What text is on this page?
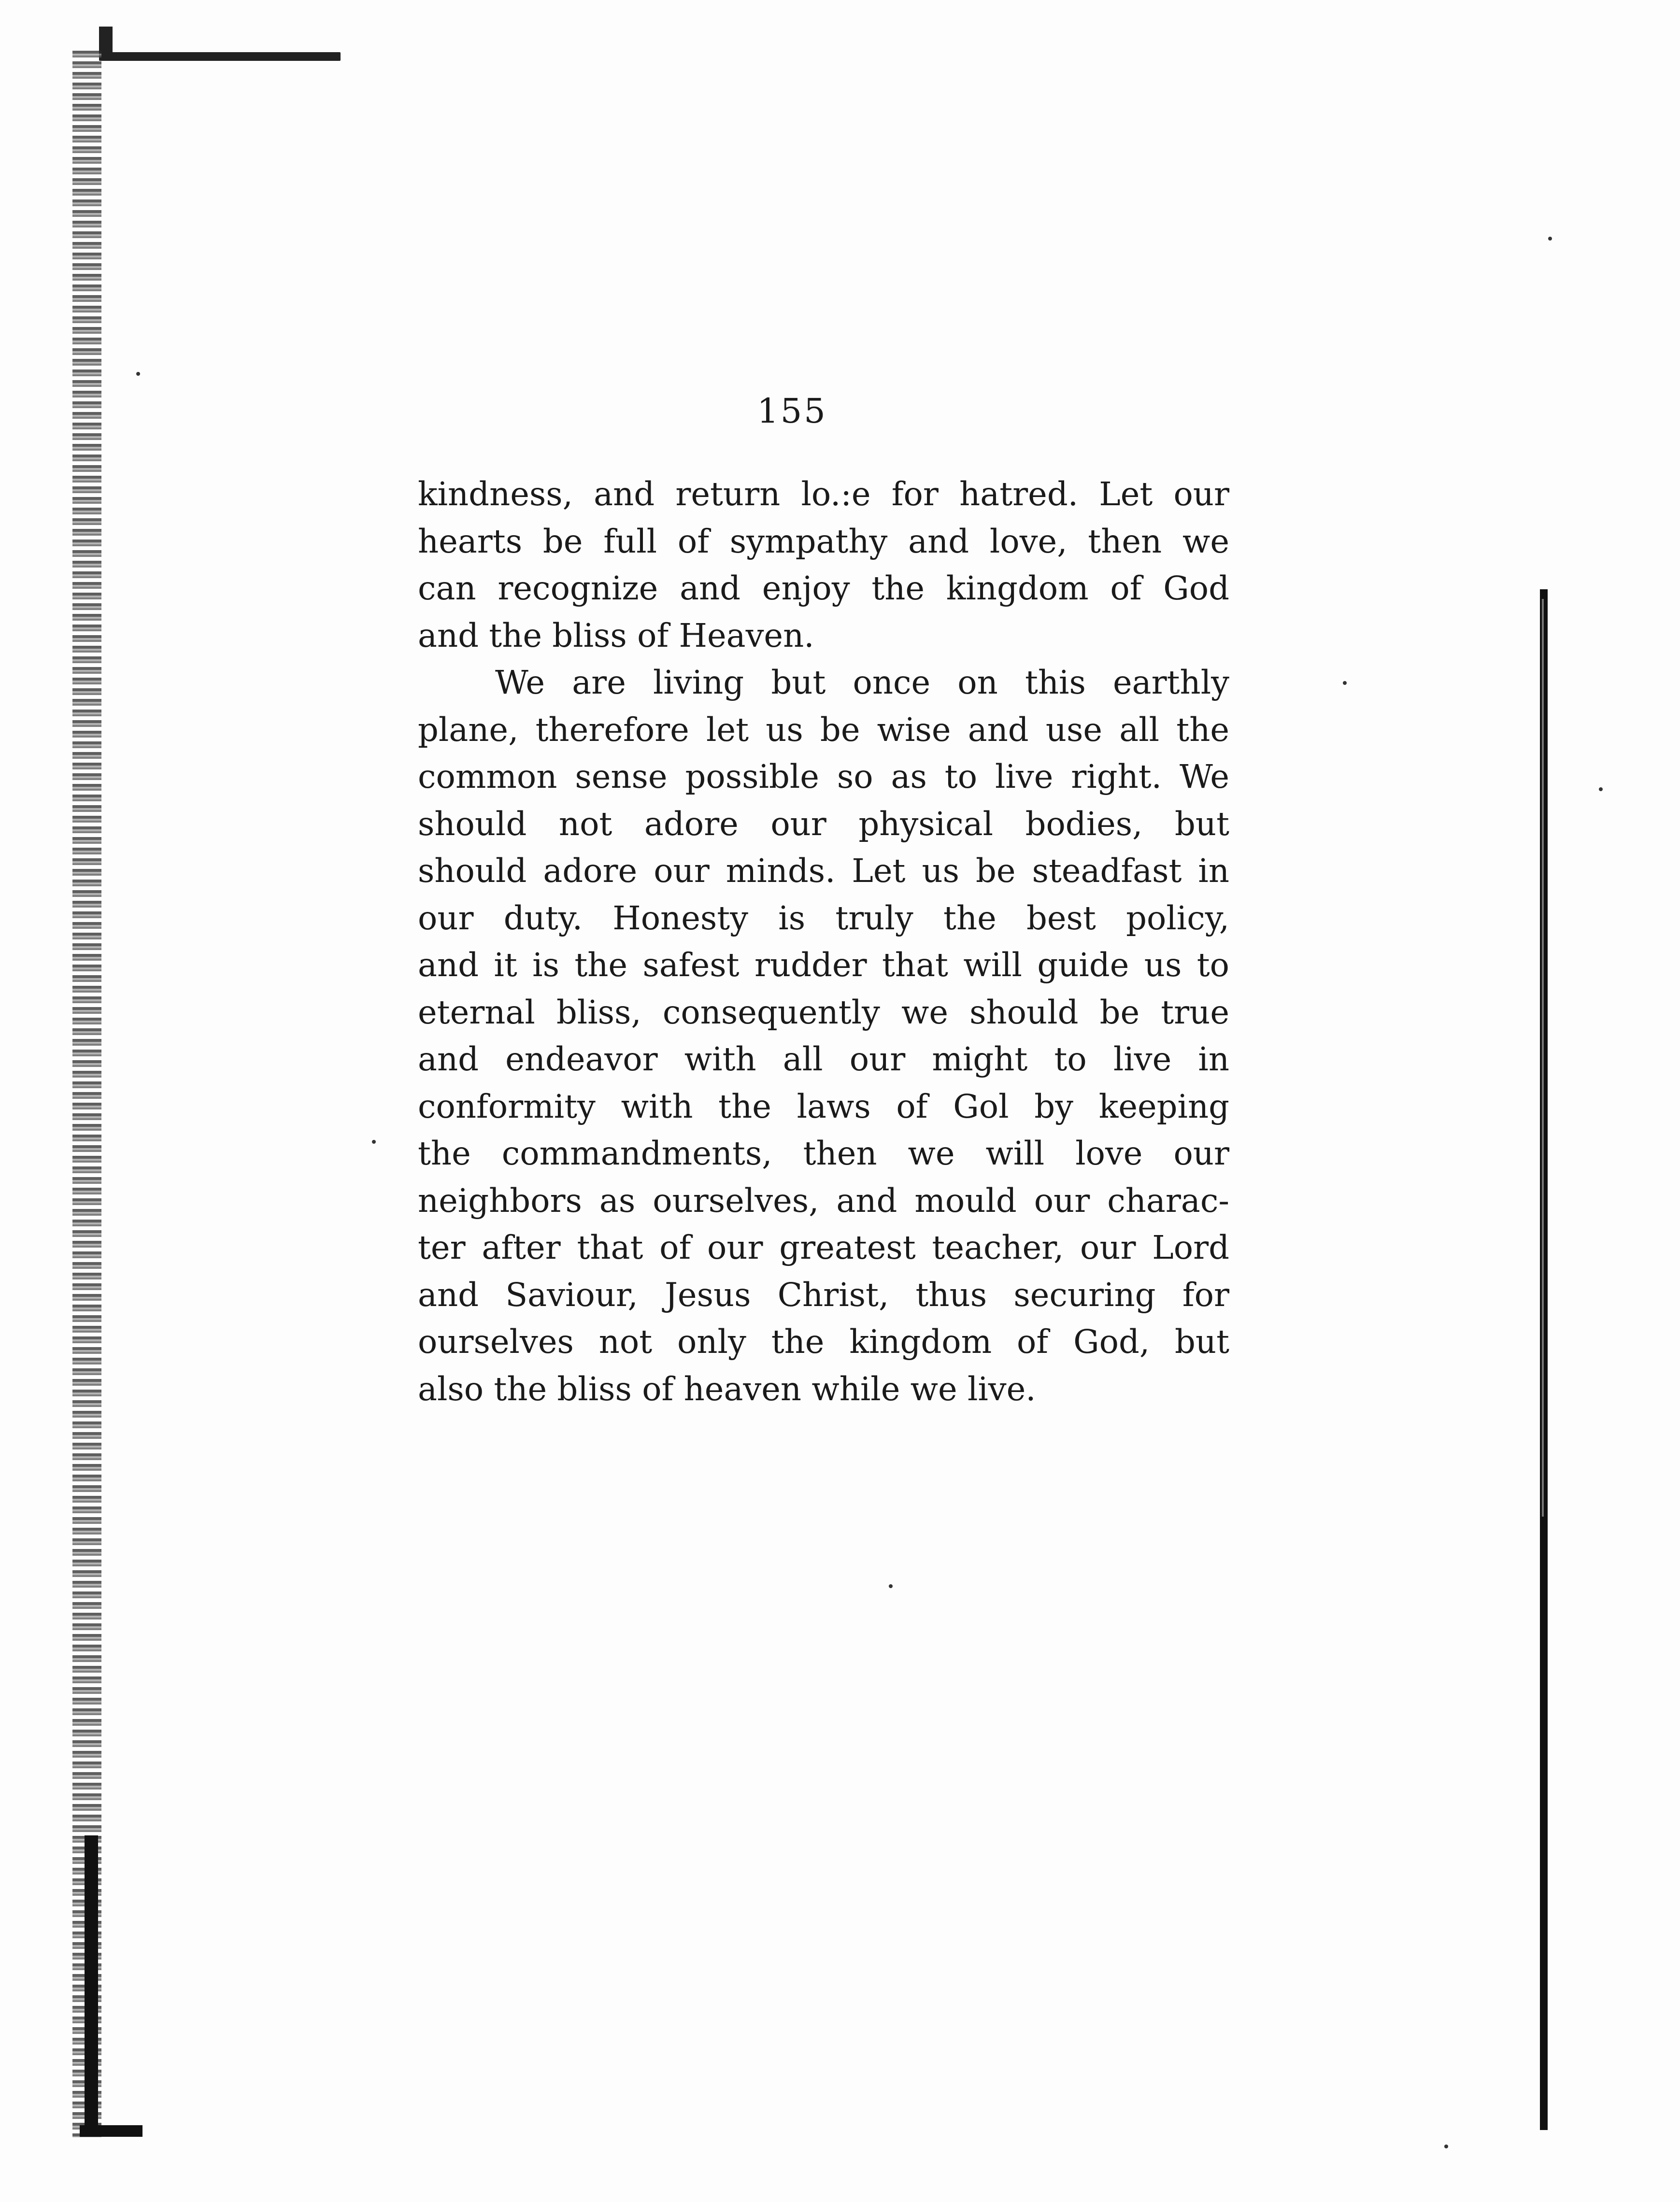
155

kindness, and return lo.:e for hatred. Let our
hearts be full of sympathy and love, then we
can recognize and enjoy the kingdom of God
and the bliss of Heaven.

We are living but once on this earthly
plane, therefore let us be wise and use all the
common sense possible so as to live right. We
should not adore our physical bodies, but
should adore our minds. Let us be steadfast in
our duty. Honesty is truly the best policy,
and it is the safest rudder that will guide us to
eternal bliss, consequently we should be true
and endeavor with all our might to live in
conformity with the laws of Gol by keeping
the commandments, then we will love our
neighbors as ourselves, and mould our charac-
ter after that of our greatest teacher, our Lord
and Saviour, Jesus Christ, thus securing for
ourselves not only the kingdom of God, but
also the bliss of heaven while we live.
